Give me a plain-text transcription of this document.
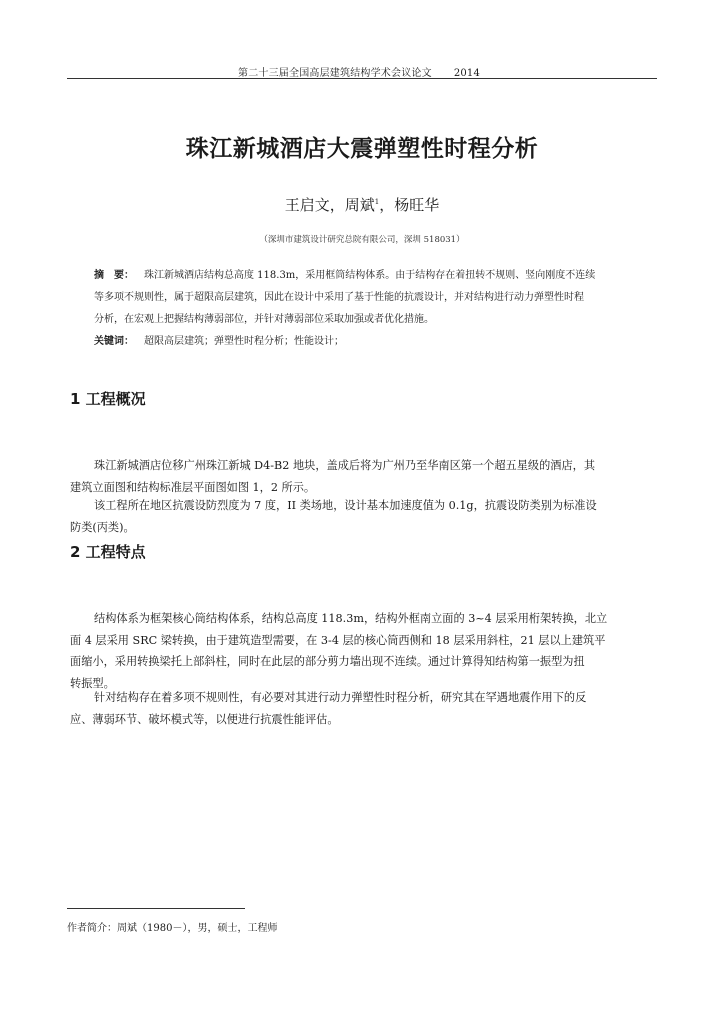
第二十三届全国高层建筑结构学术会议论文 2014
珠江新城酒店大震弹塑性时程分析
王启文，周斌$^1$，杨旺华
（深圳市建筑设计研究总院有限公司，深圳 518031）
摘　要： 珠江新城酒店结构总高度 118.3m，采用框筒结构体系。由于结构存在着扭转不规则、竖向刚度不连续
等多项不规则性，属于超限高层建筑，因此在设计中采用了基于性能的抗震设计，并对结构进行动力弹塑性时程
分析，在宏观上把握结构薄弱部位，并针对薄弱部位采取加强或者优化措施。
关键词： 超限高层建筑；弹塑性时程分析；性能设计；
1 工程概况
珠江新城酒店位移广州珠江新城 D4-B2 地块，盖成后将为广州乃至华南区第一个超五星级的酒店，其
建筑立面图和结构标准层平面图如图 1，2 所示。
该工程所在地区抗震设防烈度为 7 度，II 类场地，设计基本加速度值为 0.1g，抗震设防类别为标准设
防类(丙类)。
2 工程特点
结构体系为框架核心筒结构体系，结构总高度 118.3m，结构外框南立面的 3~4 层采用桁架转换，北立
面 4 层采用 SRC 梁转换，由于建筑造型需要，在 3-4 层的核心筒西侧和 18 层采用斜柱，21 层以上建筑平
面缩小，采用转换梁托上部斜柱，同时在此层的部分剪力墙出现不连续。通过计算得知结构第一振型为扭
转振型。
针对结构存在着多项不规则性，有必要对其进行动力弹塑性时程分析，研究其在罕遇地震作用下的反
应、薄弱环节、破坏模式等，以便进行抗震性能评估。
作者简介：周斌（1980－），男，硕士，工程师
